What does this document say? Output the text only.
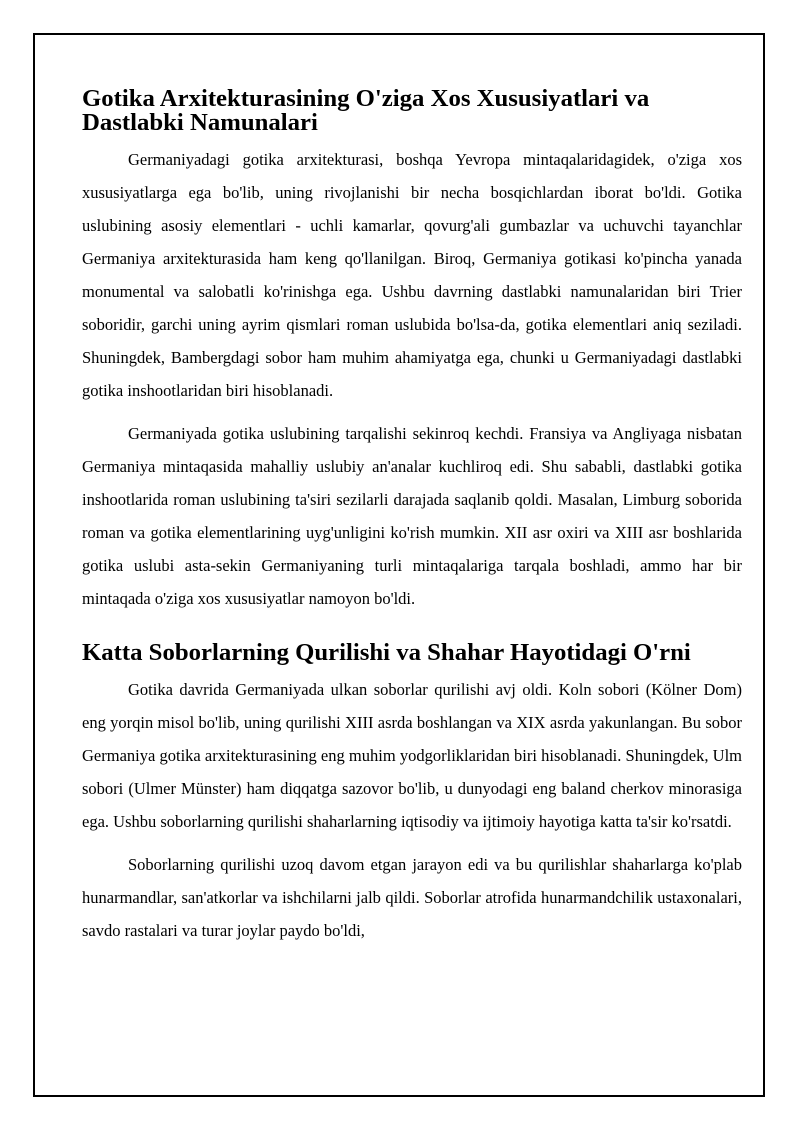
Gotika Arxitekturasining O'ziga Xos Xususiyatlari va Dastlabki Namunalari

Germaniyadagi gotika arxitekturasi, boshqa Yevropa mintaqalaridagidek, o'ziga xos xususiyatlarga ega bo'lib, uning rivojlanishi bir necha bosqichlardan iborat bo'ldi. Gotika uslubining asosiy elementlari - uchli kamarlar, qovurg'ali gumbazlar va uchuvchi tayanchlar Germaniya arxitekturasida ham keng qo'llanilgan. Biroq, Germaniya gotikasi ko'pincha yanada monumental va salobatli ko'rinishga ega. Ushbu davrning dastlabki namunalaridan biri Trier soboridir, garchi uning ayrim qismlari roman uslubida bo'lsa-da, gotika elementlari aniq seziladi. Shuningdek, Bambergdagi sobor ham muhim ahamiyatga ega, chunki u Germaniyadagi dastlabki gotika inshootlaridan biri hisoblanadi.

Germaniyada gotika uslubining tarqalishi sekinroq kechdi. Fransiya va Angliyaga nisbatan Germaniya mintaqasida mahalliy uslubiy an'analar kuchliroq edi. Shu sababli, dastlabki gotika inshootlarida roman uslubining ta'siri sezilarli darajada saqlanib qoldi. Masalan, Limburg soborida roman va gotika elementlarining uyg'unligini ko'rish mumkin. XII asr oxiri va XIII asr boshlarida gotika uslubi asta-sekin Germaniyaning turli mintaqalariga tarqala boshladi, ammo har bir mintaqada o'ziga xos xususiyatlar namoyon bo'ldi.

Katta Soborlarning Qurilishi va Shahar Hayotidagi O'rni

Gotika davrida Germaniyada ulkan soborlar qurilishi avj oldi. Koln sobori (Kölner Dom) eng yorqin misol bo'lib, uning qurilishi XIII asrda boshlangan va XIX asrda yakunlangan. Bu sobor Germaniya gotika arxitekturasining eng muhim yodgorliklaridan biri hisoblanadi. Shuningdek, Ulm sobori (Ulmer Münster) ham diqqatga sazovor bo'lib, u dunyodagi eng baland cherkov minorasiga ega. Ushbu soborlarning qurilishi shaharlarning iqtisodiy va ijtimoiy hayotiga katta ta'sir ko'rsatdi.

Soborlarning qurilishi uzoq davom etgan jarayon edi va bu qurilishlar shaharlarga ko'plab hunarmandlar, san'atkorlar va ishchilarni jalb qildi. Soborlar atrofida hunarmandchilik ustaxonalari, savdo rastalari va turar joylar paydo bo'ldi,
